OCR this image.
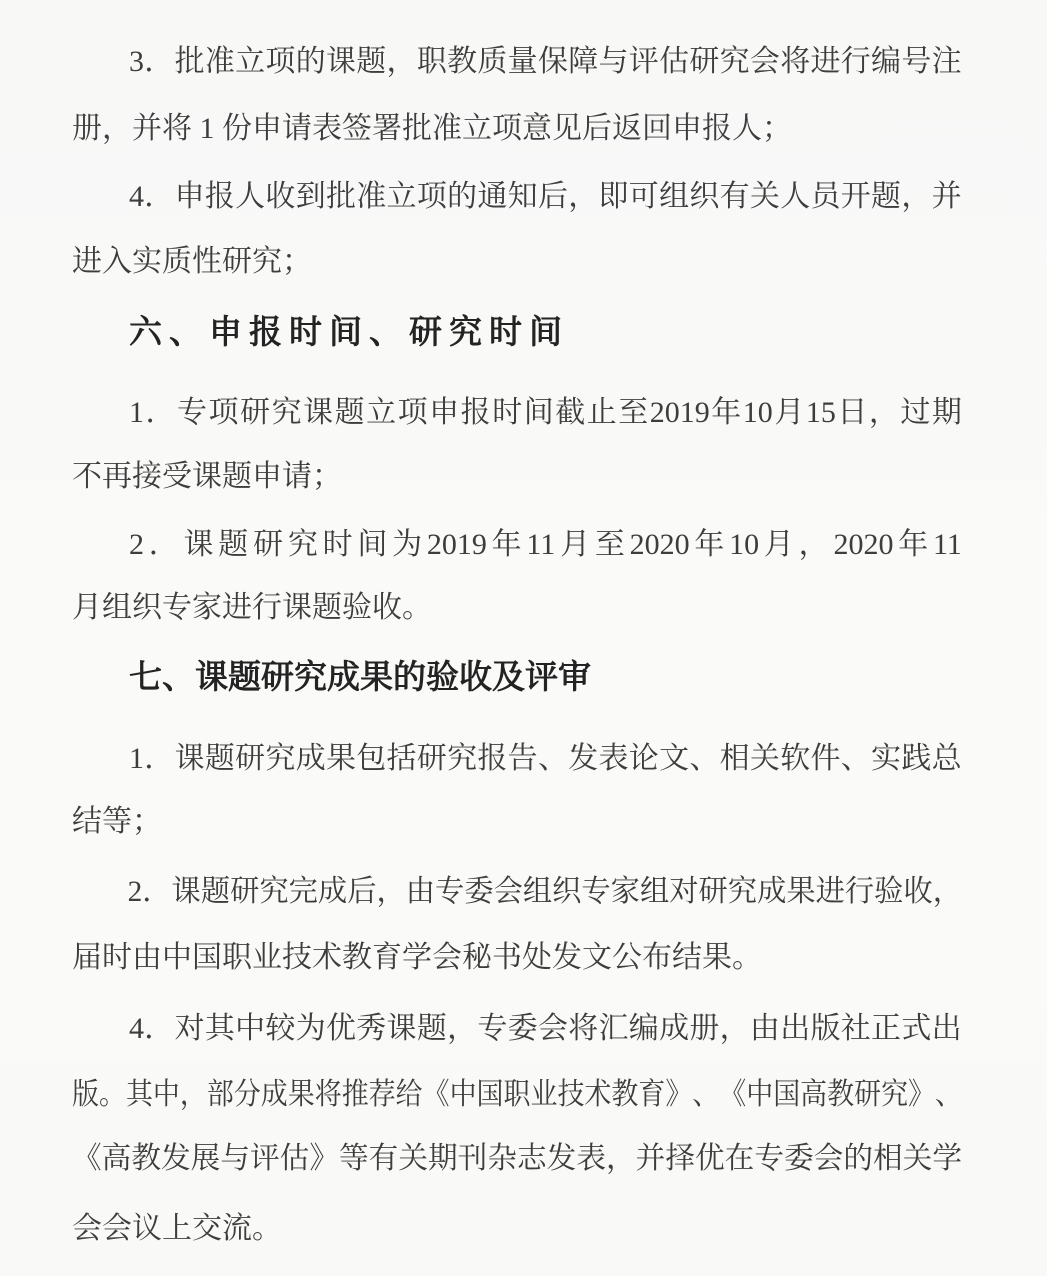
3 ． 批 准 立 项 的 课 题 ， 职 教 质 量 保 障 与 评 估 研 究 会 将 进 行 编 号 注
册，并将 1 份申请表签署批准立项意见后返回申报人；
4 ． 申 报 人 收 到 批 准 立 项 的 通 知 后 ， 即 可 组 织 有 关 人 员 开 题 ， 并
进入实质性研究；
六、申报时间、研究时间
1 ． 专 项 研 究 课 题 立 项 申 报 时 间 截 止 至 2019 年 10 月 15 日 ， 过 期
不再接受课题申请；
2 ． 课 题 研 究 时 间 为 2019 年 11 月 至 2020 年 10 月 ， 2020 年 11
月组织专家进行课题验收。
七、课题研究成果的验收及评审
1 ． 课 题 研 究 成 果 包 括 研 究 报 告 、 发 表 论 文 、 相 关 软 件 、 实 践 总
结等；
2 ． 课 题 研 究 完 成 后 ， 由 专 委 会 组 织 专 家 组 对 研 究 成 果 进 行 验 收 ，
届时由中国职业技术教育学会秘书处发文公布结果。
4 ． 对 其 中 较 为 优 秀 课 题 ， 专 委 会 将 汇 编 成 册 ， 由 出 版 社 正 式 出
版 。 其 中 ， 部 分 成 果 将 推 荐 给 《 中 国 职 业 技 术 教 育 》 、 《 中 国 高 教 研 究 》 、
《 高 教 发 展 与 评 估 》 等 有 关 期 刊 杂 志 发 表 ， 并 择 优 在 专 委 会 的 相 关 学
会会议上交流。
